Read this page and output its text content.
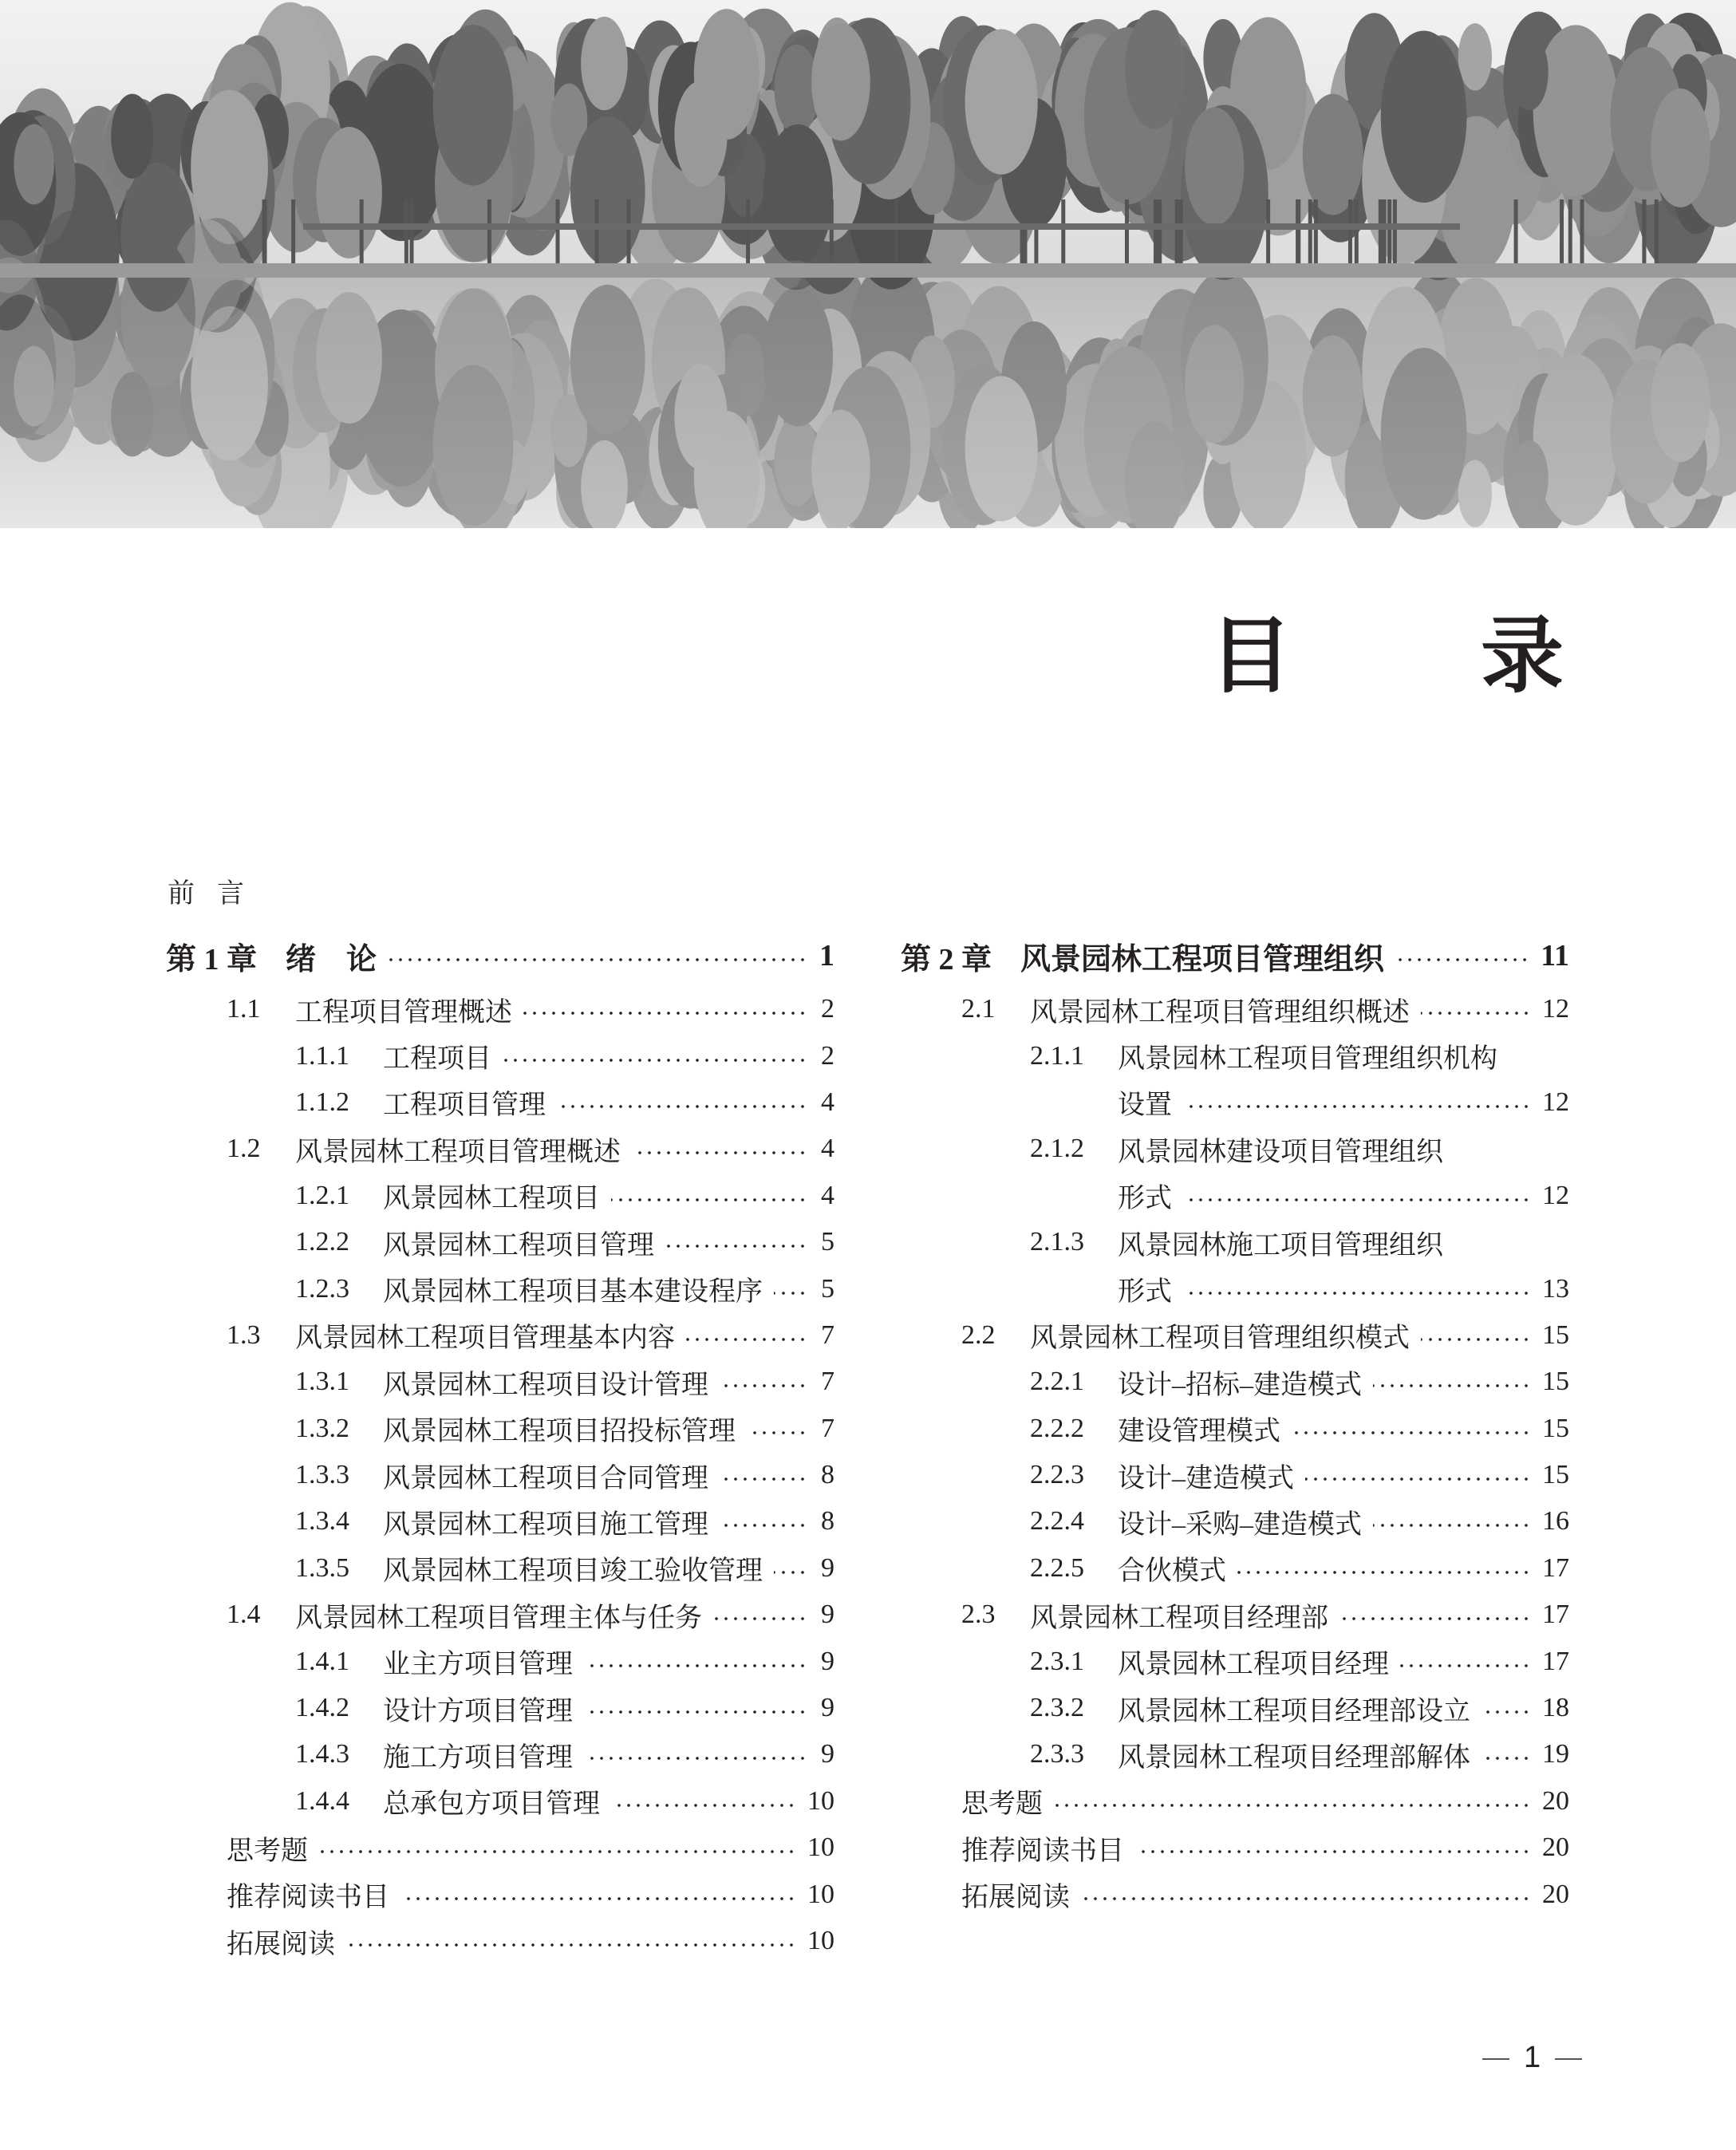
目 录
前言
第 1 章 绪　论	1
1.1 工程项目管理概述	2
1.1.1 工程项目	2
1.1.2 工程项目管理	4
1.2 风景园林工程项目管理概述	4
1.2.1 风景园林工程项目	4
1.2.2 风景园林工程项目管理	5
1.2.3 风景园林工程项目基本建设程序 5
1.3 风景园林工程项目管理基本内容	7
1.3.1 风景园林工程项目设计管理	7
1.3.2 风景园林工程项目招投标管理	7
1.3.3 风景园林工程项目合同管理	8
1.3.4 风景园林工程项目施工管理	8
1.3.5 风景园林工程项目竣工验收管理 9
1.4 风景园林工程项目管理主体与任务	9
1.4.1 业主方项目管理	9
1.4.2 设计方项目管理	9
1.4.3 施工方项目管理	9
1.4.4 总承包方项目管理	10
思考题	10
推荐阅读书目	10
拓展阅读	10
第 2 章 风景园林工程项目管理组织	11
2.1 风景园林工程项目管理组织概述	12
2.1.1 风景园林工程项目管理组织机构
设置	12
2.1.2 风景园林建设项目管理组织
形式	12
2.1.3 风景园林施工项目管理组织
形式	13
2.2 风景园林工程项目管理组织模式	15
2.2.1 设计–招标–建造模式	15
2.2.2 建设管理模式	15
2.2.3 设计–建造模式	15
2.2.4 设计–采购–建造模式	16
2.2.5 合伙模式	17
2.3 风景园林工程项目经理部	17
2.3.1 风景园林工程项目经理	17
2.3.2 风景园林工程项目经理部设立	18
2.3.3 风景园林工程项目经理部解体	19
思考题	20
推荐阅读书目	20
拓展阅读	20
1
